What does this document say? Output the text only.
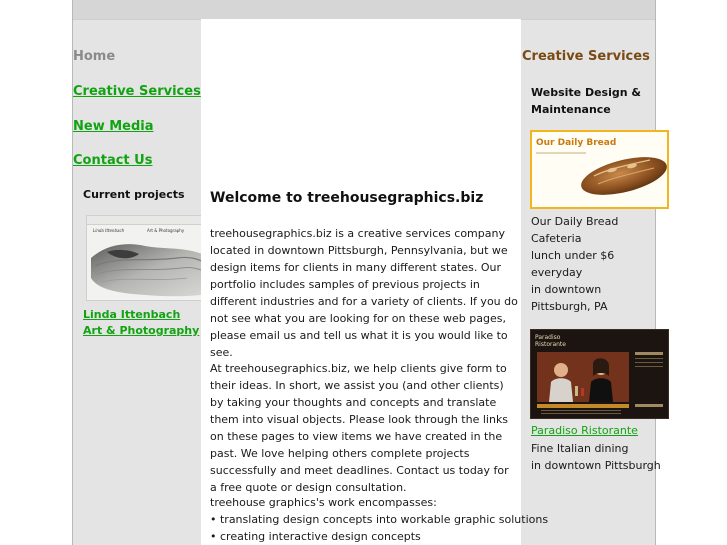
Home
Creative Services
New Media
Contact Us
Current projects
Linda Ittenbach	Art & Photography
Linda Ittenbach
Art & Photography
Welcome to treehousegraphics.biz

treehousegraphics.biz is a creative services company located in downtown Pittsburgh, Pennsylvania, but we design items for clients in many different states. Our portfolio includes samples of previous projects in different industries and for a variety of clients. If you do not see what you are looking for on these web pages, please email us and tell us what it is you would like to see.

At treehousegraphics.biz, we help clients give form to their ideas. In short, we assist you (and other clients) by taking your thoughts and concepts and translate them into visual objects. Please look through the links on these pages to view items we have created in the past. We love helping others complete projects successfully and meet deadlines. Contact us today for a free quote or design consultation.

treehouse graphics's work encompasses:
• translating design concepts into workable graphic solutions
• creating interactive design concepts
Creative Services
Website Design &
Maintenance
Our Daily Bread
Our Daily Bread
Cafeteria
lunch under $6
everyday
in downtown
Pittsburgh, PA
Paradiso
Ristorante
Paradiso Ristorante
Fine Italian dining
in downtown Pittsburgh
